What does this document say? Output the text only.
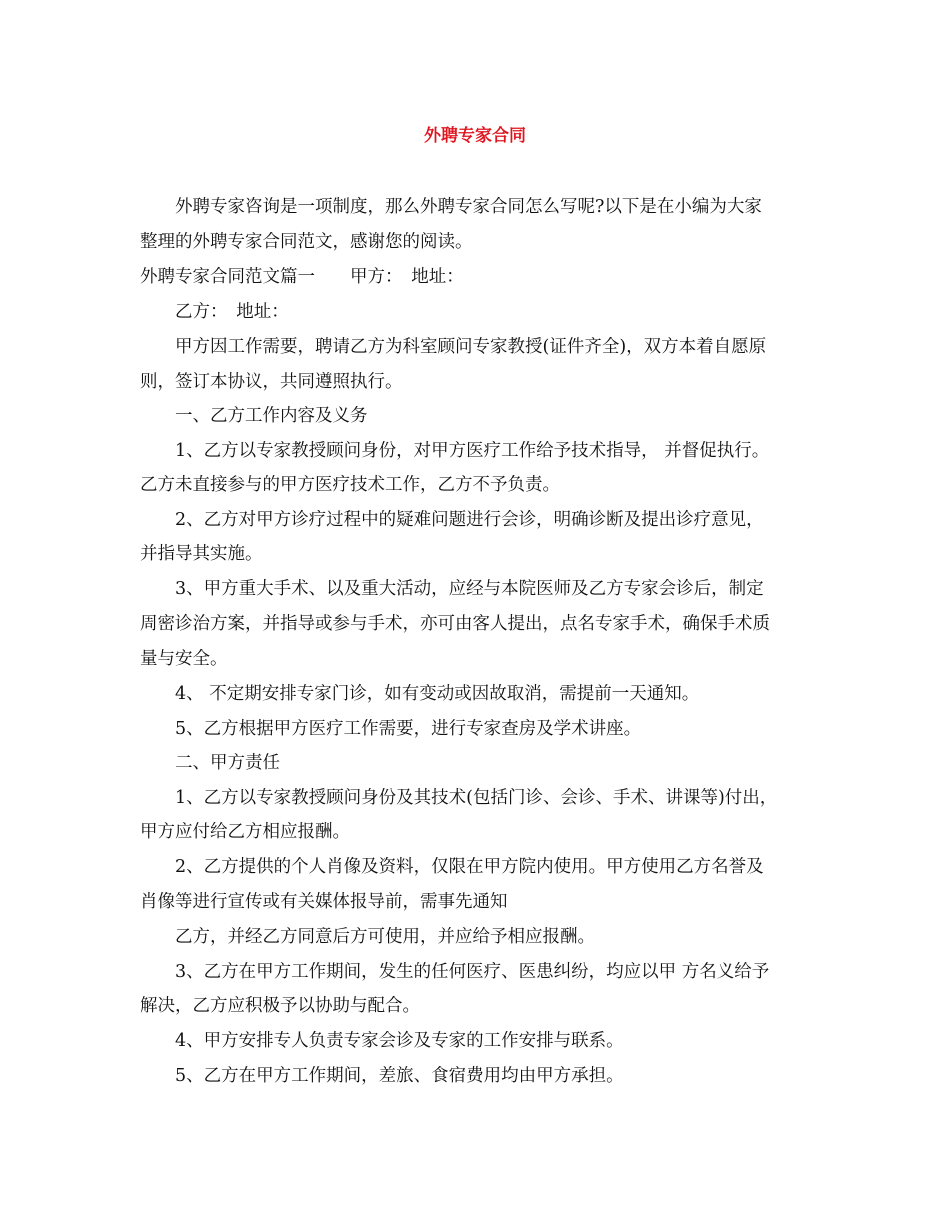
外聘专家合同
外聘专家咨询是一项制度，那么外聘专家合同怎么写呢?以下是在小编为大家
整理的外聘专家合同范文，感谢您的阅读。
外聘专家合同范文篇一　　甲方：　地址：
乙方：　地址：
甲方因工作需要，聘请乙方为科室顾问专家教授(证件齐全)，双方本着自愿原
则，签订本协议，共同遵照执行。
一、乙方工作内容及义务
1、乙方以专家教授顾问身份，对甲方医疗工作给予技术指导， 并督促执行。
乙方未直接参与的甲方医疗技术工作，乙方不予负责。
2、乙方对甲方诊疗过程中的疑难问题进行会诊，明确诊断及提出诊疗意见，
并指导其实施。
3、甲方重大手术、以及重大活动，应经与本院医师及乙方专家会诊后，制定
周密诊治方案，并指导或参与手术，亦可由客人提出，点名专家手术，确保手术质
量与安全。
4、 不定期安排专家门诊，如有变动或因故取消，需提前一天通知。
5、乙方根据甲方医疗工作需要，进行专家查房及学术讲座。
二、甲方责任
1、乙方以专家教授顾问身份及其技术(包括门诊、会诊、手术、讲课等)付出，
甲方应付给乙方相应报酬。
2、乙方提供的个人肖像及资料，仅限在甲方院内使用。甲方使用乙方名誉及
肖像等进行宣传或有关媒体报导前，需事先通知
乙方，并经乙方同意后方可使用，并应给予相应报酬。
3、乙方在甲方工作期间，发生的任何医疗、医患纠纷，均应以甲 方名义给予
解决，乙方应积极予以协助与配合。
4、甲方安排专人负责专家会诊及专家的工作安排与联系。
5、乙方在甲方工作期间，差旅、食宿费用均由甲方承担。
